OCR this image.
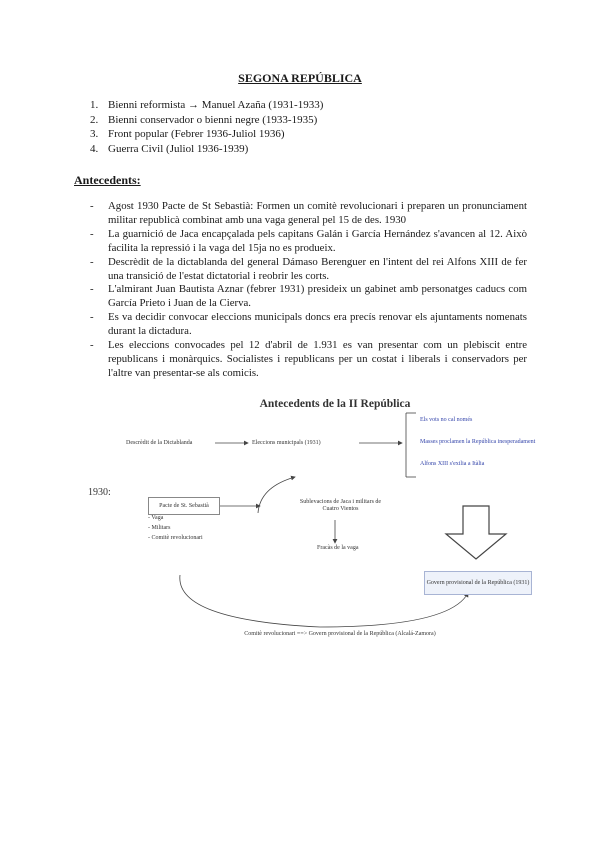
SEGONA REPÚBLICA
1. Bienni reformista → Manuel Azaña (1931-1933)
2. Bienni conservador o bienni negre (1933-1935)
3. Front popular (Febrer 1936-Juliol 1936)
4. Guerra Civil (Juliol 1936-1939)
Antecedents:
- Agost 1930 Pacte de St Sebastià: Formen un comitè revolucionari i preparen un pronunciament militar republicà combinat amb una vaga general pel 15 de des. 1930
- La guarnició de Jaca encapçalada pels capitans Galán i García Hernández s'avancen al 12. Això facilita la repressió i la vaga del 15ja no es produeix.
- Descrèdit de la dictablanda del general Dámaso Berenguer en l'intent del rei Alfons XIII de fer una transició de l'estat dictatorial i reobrir les corts.
- L'almirant Juan Bautista Aznar (febrer 1931) presideix un gabinet amb personatges caducs com García Prieto i Juan de la Cierva.
- Es va decidir convocar eleccions municipals doncs era precís renovar els ajuntaments nomenats durant la dictadura.
- Les eleccions convocades pel 12 d'abril de 1.931 es van presentar com un plebiscit entre republicans i monàrquics. Socialistes i republicans per un costat i liberals i conservadors per l'altre van presentar-se als comicis.
Antecedents de la II República
1930:
Descrèdit de la Dictablanda	Eleccions municipals (1931)
Els vots no cal només
Masses proclamen la República inesperadament
Alfons XIII s'exilia a Itàlia
Pacte de St. Sebastià
- Vaga
- Militars
- Comitè revolucionari
Sublevacions de Jaca i militars de Cuatro Vientos
Fracàs de la vaga
Govern provisional de la República (1931)
Comitè revolucionari ==> Govern provisional de la República (Alcalá-Zamora)
